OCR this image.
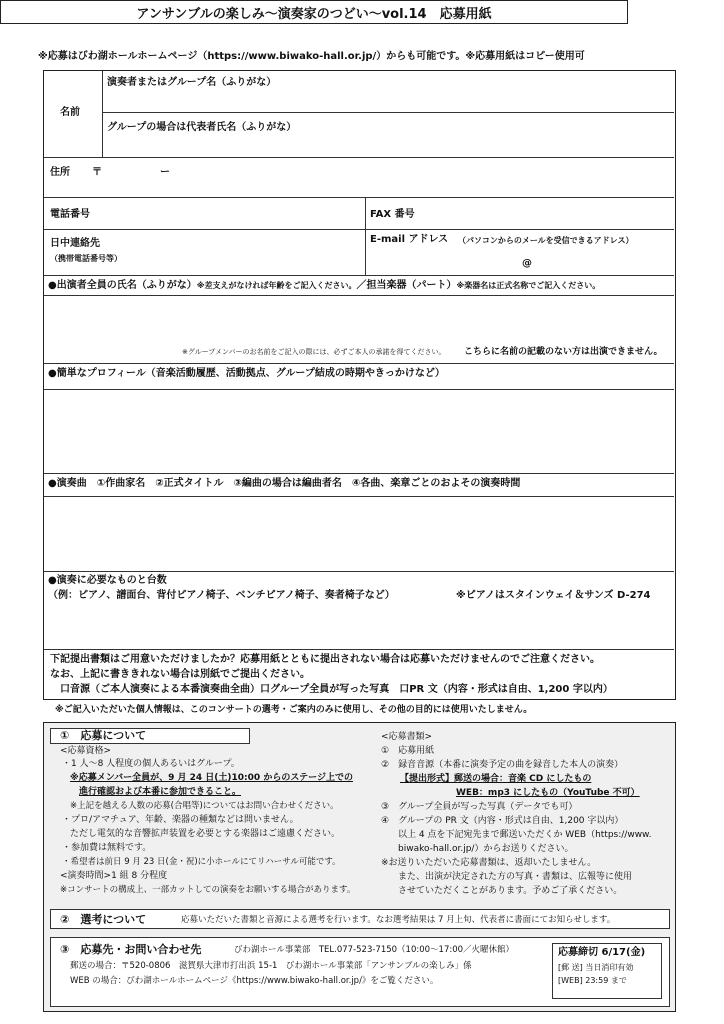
アンサンブルの楽しみ〜演奏家のつどい〜vol.14　応募用紙
※応募はびわ湖ホールホームページ（https://www.biwako-hall.or.jp/）からも可能です。※応募用紙はコピー使用可
名前
演奏者またはグループ名（ふりがな）
グループの場合は代表者氏名（ふりがな）
住所 〒	ー
電話番号	FAX 番号
日中連絡先
（携帯電話番号等）
E-mail アドレス （パソコンからのメールを受信できるアドレス）
@
●出演者全員の氏名（ふりがな）※差支えがなければ年齢をご記入ください。／担当楽器（パート）※楽器名は正式名称でご記入ください。
※グループメンバーのお名前をご記入の際には、必ずご本人の承諾を得てください。 こちらに名前の記載のない方は出演できません。
●簡単なプロフィール（音楽活動履歴、活動拠点、グループ結成の時期やきっかけなど）
●演奏曲　①作曲家名　②正式タイトル　③編曲の場合は編曲者名　④各曲、楽章ごとのおよその演奏時間
●演奏に必要なものと台数
（例：ピアノ、譜面台、背付ピアノ椅子、ベンチピアノ椅子、奏者椅子など）	※ピアノはスタインウェイ＆サンズ D-274
下記提出書類はご用意いただけましたか？応募用紙とともに提出されない場合は応募いただけませんのでご注意ください。
なお、上記に書ききれない場合は別紙でご提出ください。
口音源（ご本人演奏による本番演奏曲全曲）口グループ全員が写った写真　口PR 文（内容・形式は自由、1,200 字以内）
※ご記入いただいた個人情報は、このコンサートの選考・ご案内のみに使用し、その他の目的には使用いたしません。
①　応募について
<応募資格>
・1 人〜8 人程度の個人あるいはグループ。
※応募メンバー全員が、9 月 24 日(土)10:00 からのステージ上での
進行確認および本番に参加できること。
※上記を越える人数の応募(合唱等)についてはお問い合わせください。
・プロ/アマチュア、年齢、楽器の種類などは問いません。
ただし電気的な音響拡声装置を必要とする楽器はご遠慮ください。
・参加費は無料です。
・希望者は前日 9 月 23 日(金・祝)に小ホールにてリハーサル可能です。
<演奏時間>1 組 8 分程度
※コンサートの構成上、一部カットしての演奏をお願いする場合があります。
<応募書類>
①　応募用紙
②　録音音源（本番に演奏予定の曲を録音した本人の演奏）
【提出形式】郵送の場合：音楽 CD にしたもの
WEB：mp3 にしたもの（YouTube 不可）
③　グループ全員が写った写真（データでも可）
④　グループの PR 文（内容・形式は自由、1,200 字以内）
以上 4 点を下記宛先まで郵送いただくか WEB（https://www.
biwako-hall.or.jp/）からお送りください。
※お送りいただいた応募書類は、返却いたしません。
また、出演が決定された方の写真・書類は、広報等に使用
させていただくことがあります。予めご了承ください。
②　選考について	応募いただいた書類と音源による選考を行います。なお選考結果は 7 月上旬、代表者に書面にてお知らせします。
③　応募先・お問い合わせ先	びわ湖ホール事業部　TEL.077-523-7150（10:00〜17:00／火曜休館）
郵送の場合：〒520-0806　滋賀県大津市打出浜 15-1　びわ湖ホール事業部「アンサンブルの楽しみ」係
WEB の場合：びわ湖ホールホームページ《https://www.biwako-hall.or.jp/》をご覧ください。
応募締切 6/17(金)
[郵 送] 当日消印有効
[WEB] 23:59 まで
